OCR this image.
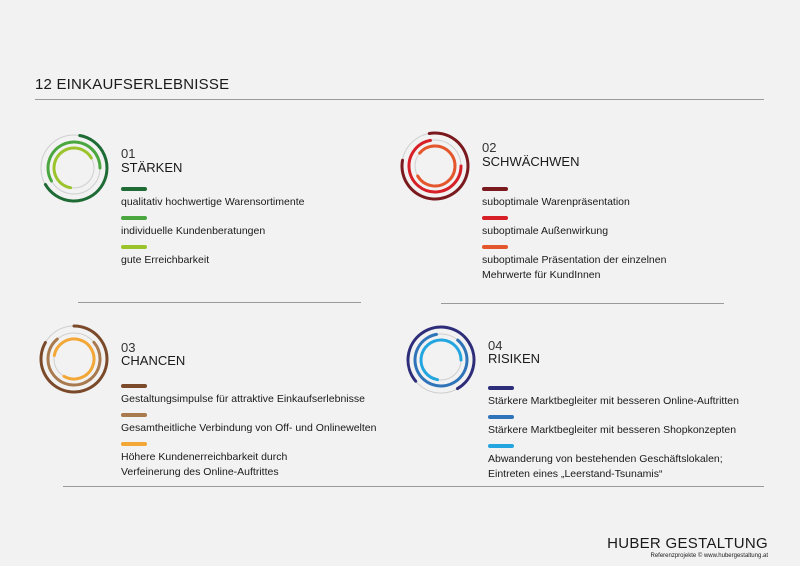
12 EINKAUFSERLEBNISSE
01
STÄRKEN
qualitativ hochwertige Warensortimente
individuelle Kundenberatungen
gute Erreichbarkeit
02
SCHWÄCHWEN
suboptimale Warenpräsentation
suboptimale Außenwirkung
suboptimale Präsentation der einzelnen Mehrwerte für KundInnen
03
CHANCEN
Gestaltungsimpulse für attraktive Einkaufserlebnisse
Gesamtheitliche Verbindung von Off- und Onlinewelten
Höhere Kundenerreichbarkeit durch Verfeinerung des Online-Auftrittes
04
RISIKEN
Stärkere Marktbegleiter mit besseren Online-Auftritten
Stärkere Marktbegleiter mit besseren Shopkonzepten
Abwanderung von bestehenden Geschäftslokalen; Eintreten eines „Leerstand-Tsunamis“
HUBER GESTALTUNG
Referenzprojekte © www.hubergestaltung.at
